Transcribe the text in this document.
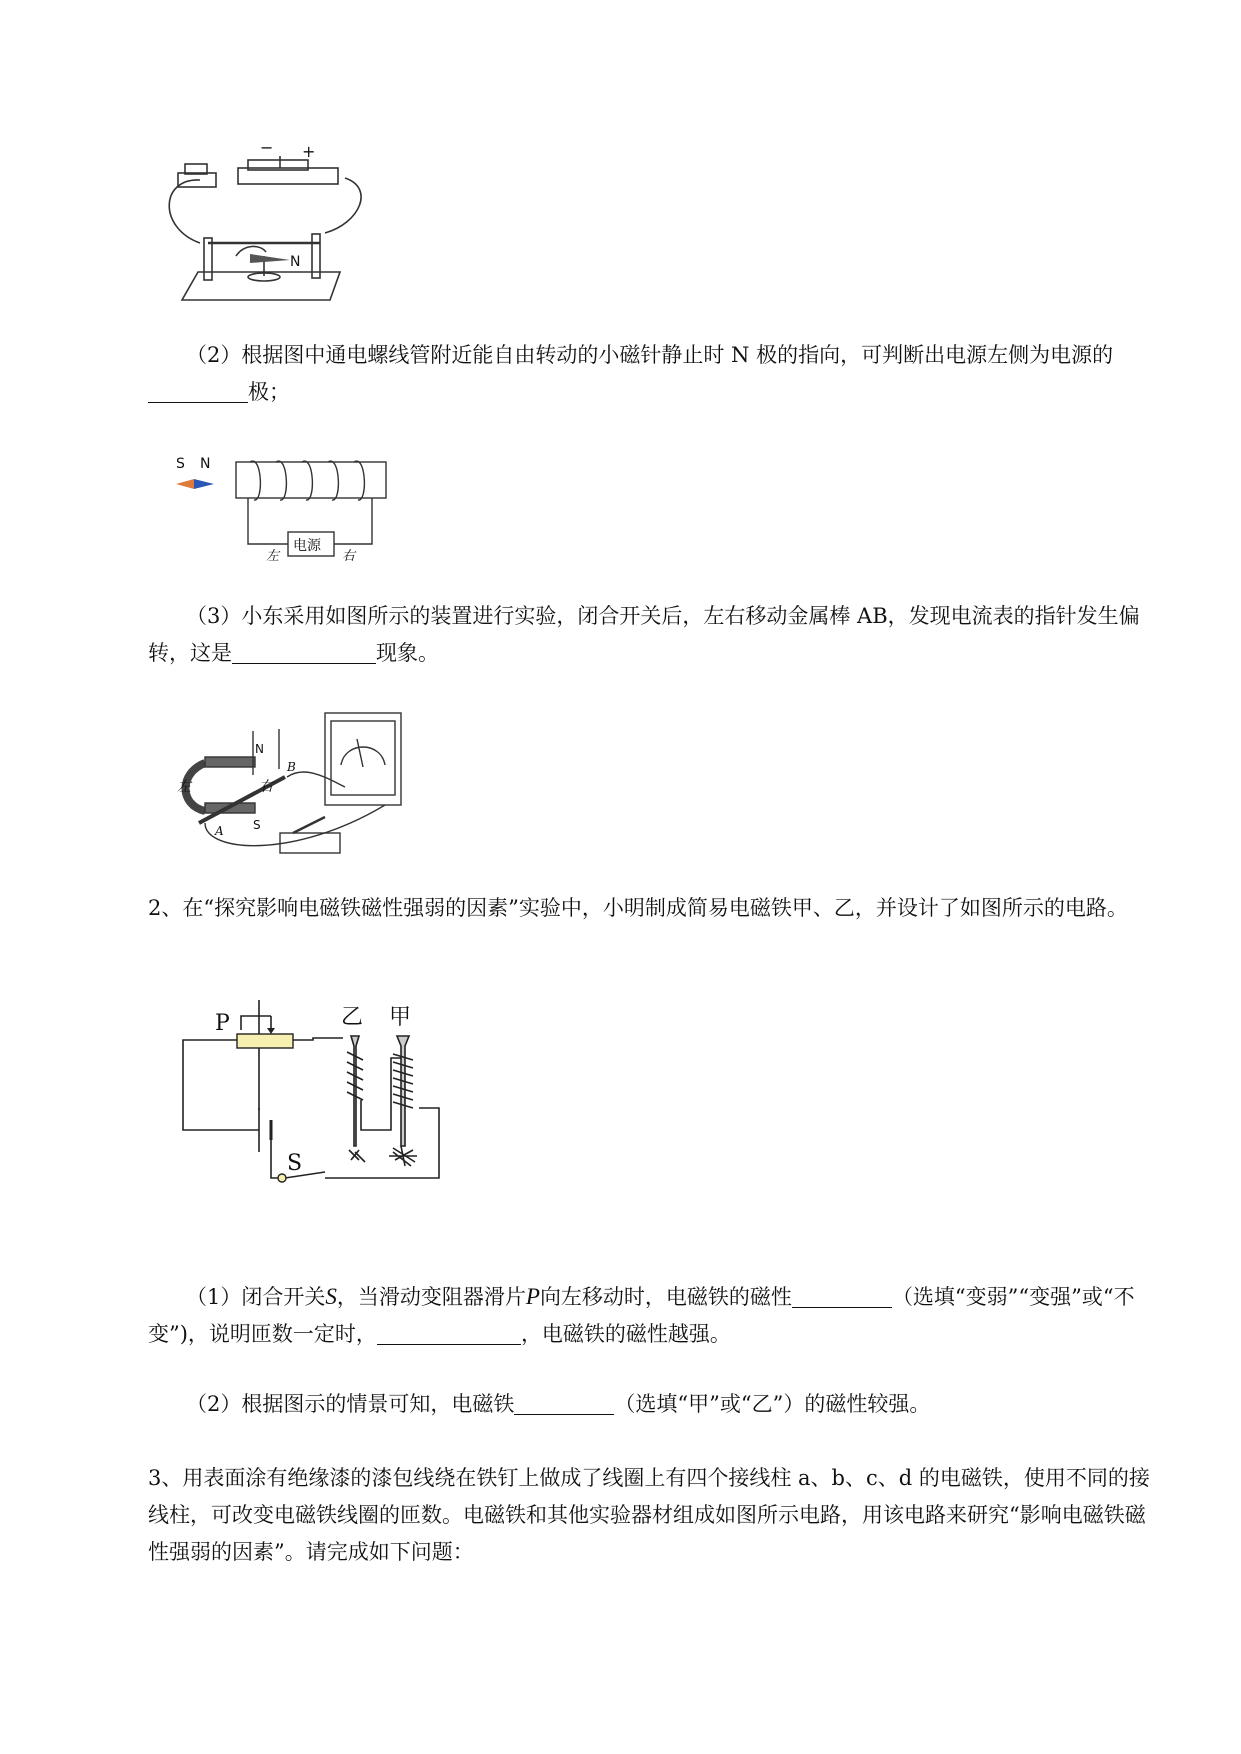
− +
N

（2）根据图中通电螺线管附近能自由转动的小磁针静止时 N 极的指向，可判断出电源左侧为电源的极；

S N
电源
左	右

（3）小东采用如图所示的装置进行实验，闭合开关后，左右移动金属棒 AB，发现电流表的指针发生偏转，这是	现象。

左	右
N
S
A
B

2、在“探究影响电磁铁磁性强弱的因素”实验中，小明制成简易电磁铁甲、乙，并设计了如图所示的电路。

P	乙 甲
S

（1）闭合开关S，当滑动变阻器滑片P向左移动时，电磁铁的磁性	（选填“变弱”“变强”或“不变”)，说明匝数一定时，	，电磁铁的磁性越强。

（2）根据图示的情景可知，电磁铁	（选填“甲”或“乙”）的磁性较强。

3、用表面涂有绝缘漆的漆包线绕在铁钉上做成了线圈上有四个接线柱 a、b、c、d 的电磁铁，使用不同的接线柱，可改变电磁铁线圈的匝数。电磁铁和其他实验器材组成如图所示电路，用该电路来研究“影响电磁铁磁性强弱的因素”。请完成如下问题：
